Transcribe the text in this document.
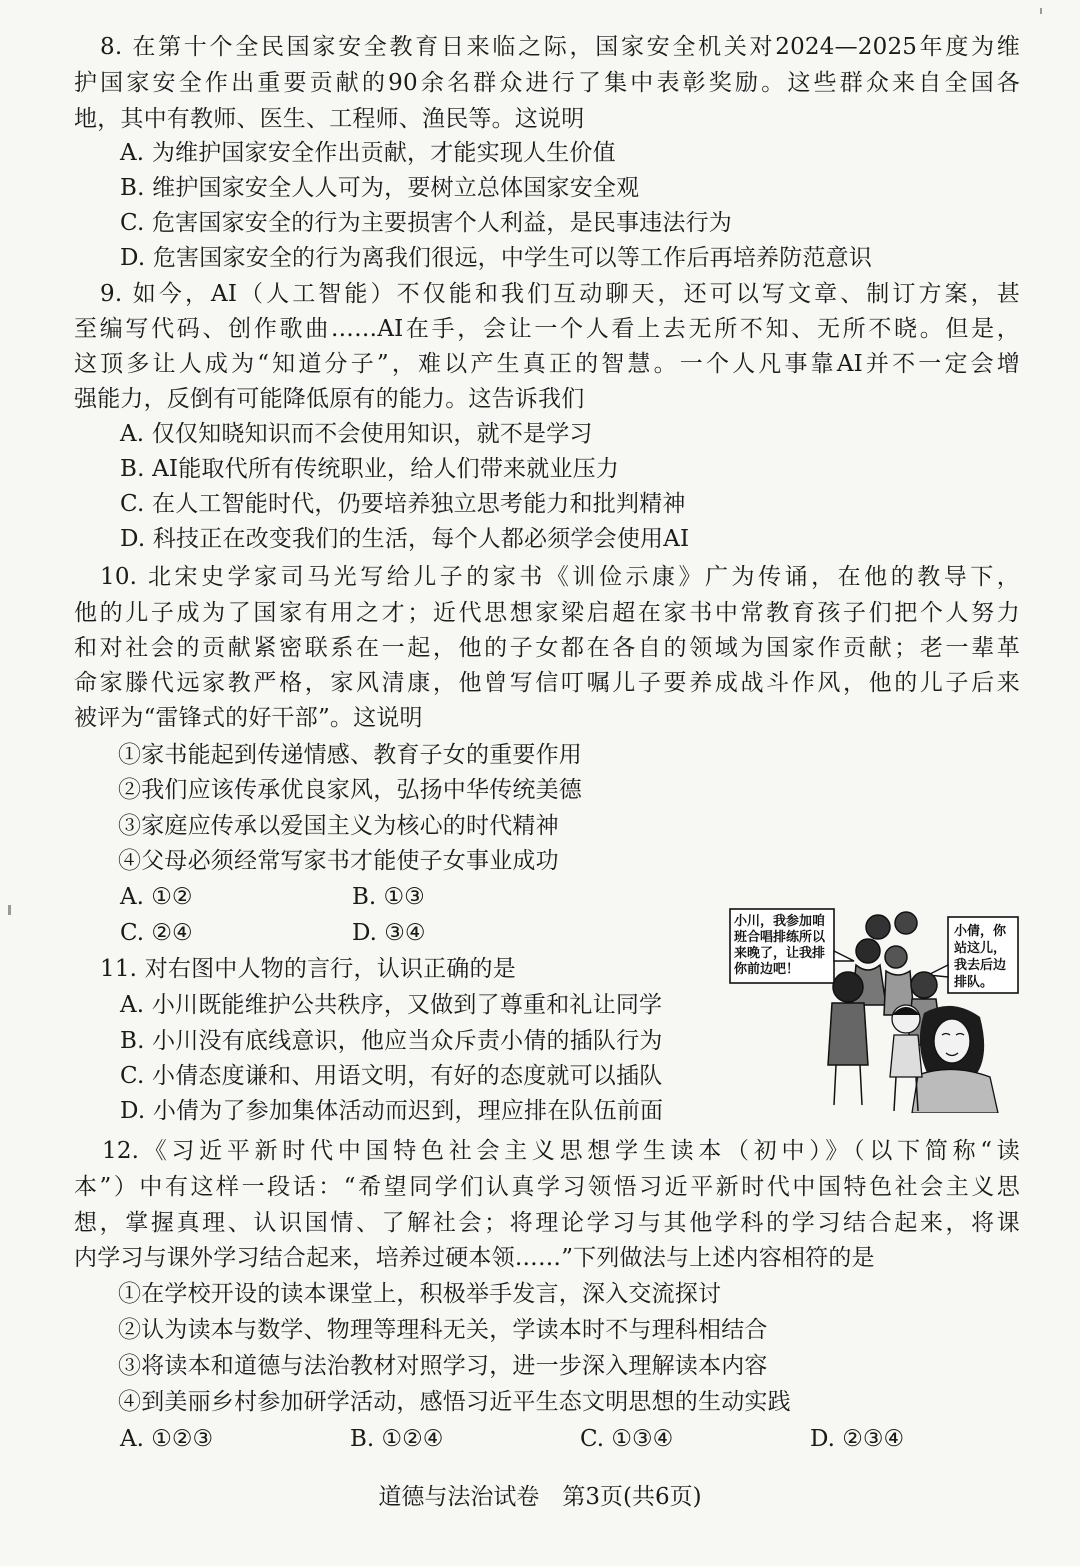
8. 在第十个全民国家安全教育日来临之际，国家安全机关对2024—2025年度为维
护国家安全作出重要贡献的90余名群众进行了集中表彰奖励。这些群众来自全国各
地，其中有教师、医生、工程师、渔民等。这说明
A. 为维护国家安全作出贡献，才能实现人生价值
B. 维护国家安全人人可为，要树立总体国家安全观
C. 危害国家安全的行为主要损害个人利益，是民事违法行为
D. 危害国家安全的行为离我们很远，中学生可以等工作后再培养防范意识
9. 如今，AI（人工智能）不仅能和我们互动聊天，还可以写文章、制订方案，甚
至编写代码、创作歌曲……AI在手，会让一个人看上去无所不知、无所不晓。但是，
这顶多让人成为“知道分子”，难以产生真正的智慧。一个人凡事靠AI并不一定会增
强能力，反倒有可能降低原有的能力。这告诉我们
A. 仅仅知晓知识而不会使用知识，就不是学习
B. AI能取代所有传统职业，给人们带来就业压力
C. 在人工智能时代，仍要培养独立思考能力和批判精神
D. 科技正在改变我们的生活，每个人都必须学会使用AI
10. 北宋史学家司马光写给儿子的家书《训俭示康》广为传诵，在他的教导下，
他的儿子成为了国家有用之才；近代思想家梁启超在家书中常教育孩子们把个人努力
和对社会的贡献紧密联系在一起，他的子女都在各自的领域为国家作贡献；老一辈革
命家滕代远家教严格，家风清康，他曾写信叮嘱儿子要养成战斗作风，他的儿子后来
被评为“雷锋式的好干部”。这说明
①家书能起到传递情感、教育子女的重要作用
②我们应该传承优良家风，弘扬中华传统美德
③家庭应传承以爱国主义为核心的时代精神
④父母必须经常写家书才能使子女事业成功
A. ①②	B. ①③
C. ②④	D. ③④
11. 对右图中人物的言行，认识正确的是
A. 小川既能维护公共秩序，又做到了尊重和礼让同学
B. 小川没有底线意识，他应当众斥责小倩的插队行为
C. 小倩态度谦和、用语文明，有好的态度就可以插队
D. 小倩为了参加集体活动而迟到，理应排在队伍前面
小川，我参加咱
班合唱排练所以
来晚了，让我排
你前边吧！
小倩，你
站这儿，
我去后边
排队。
12.《习近平新时代中国特色社会主义思想学生读本（初中）》（以下简称“读
本”）中有这样一段话：“希望同学们认真学习领悟习近平新时代中国特色社会主义思
想，掌握真理、认识国情、了解社会；将理论学习与其他学科的学习结合起来，将课
内学习与课外学习结合起来，培养过硬本领……”下列做法与上述内容相符的是
①在学校开设的读本课堂上，积极举手发言，深入交流探讨
②认为读本与数学、物理等理科无关，学读本时不与理科相结合
③将读本和道德与法治教材对照学习，进一步深入理解读本内容
④到美丽乡村参加研学活动，感悟习近平生态文明思想的生动实践
A. ①②③	B. ①②④	C. ①③④	D. ②③④
道德与法治试卷　第3页(共6页)
